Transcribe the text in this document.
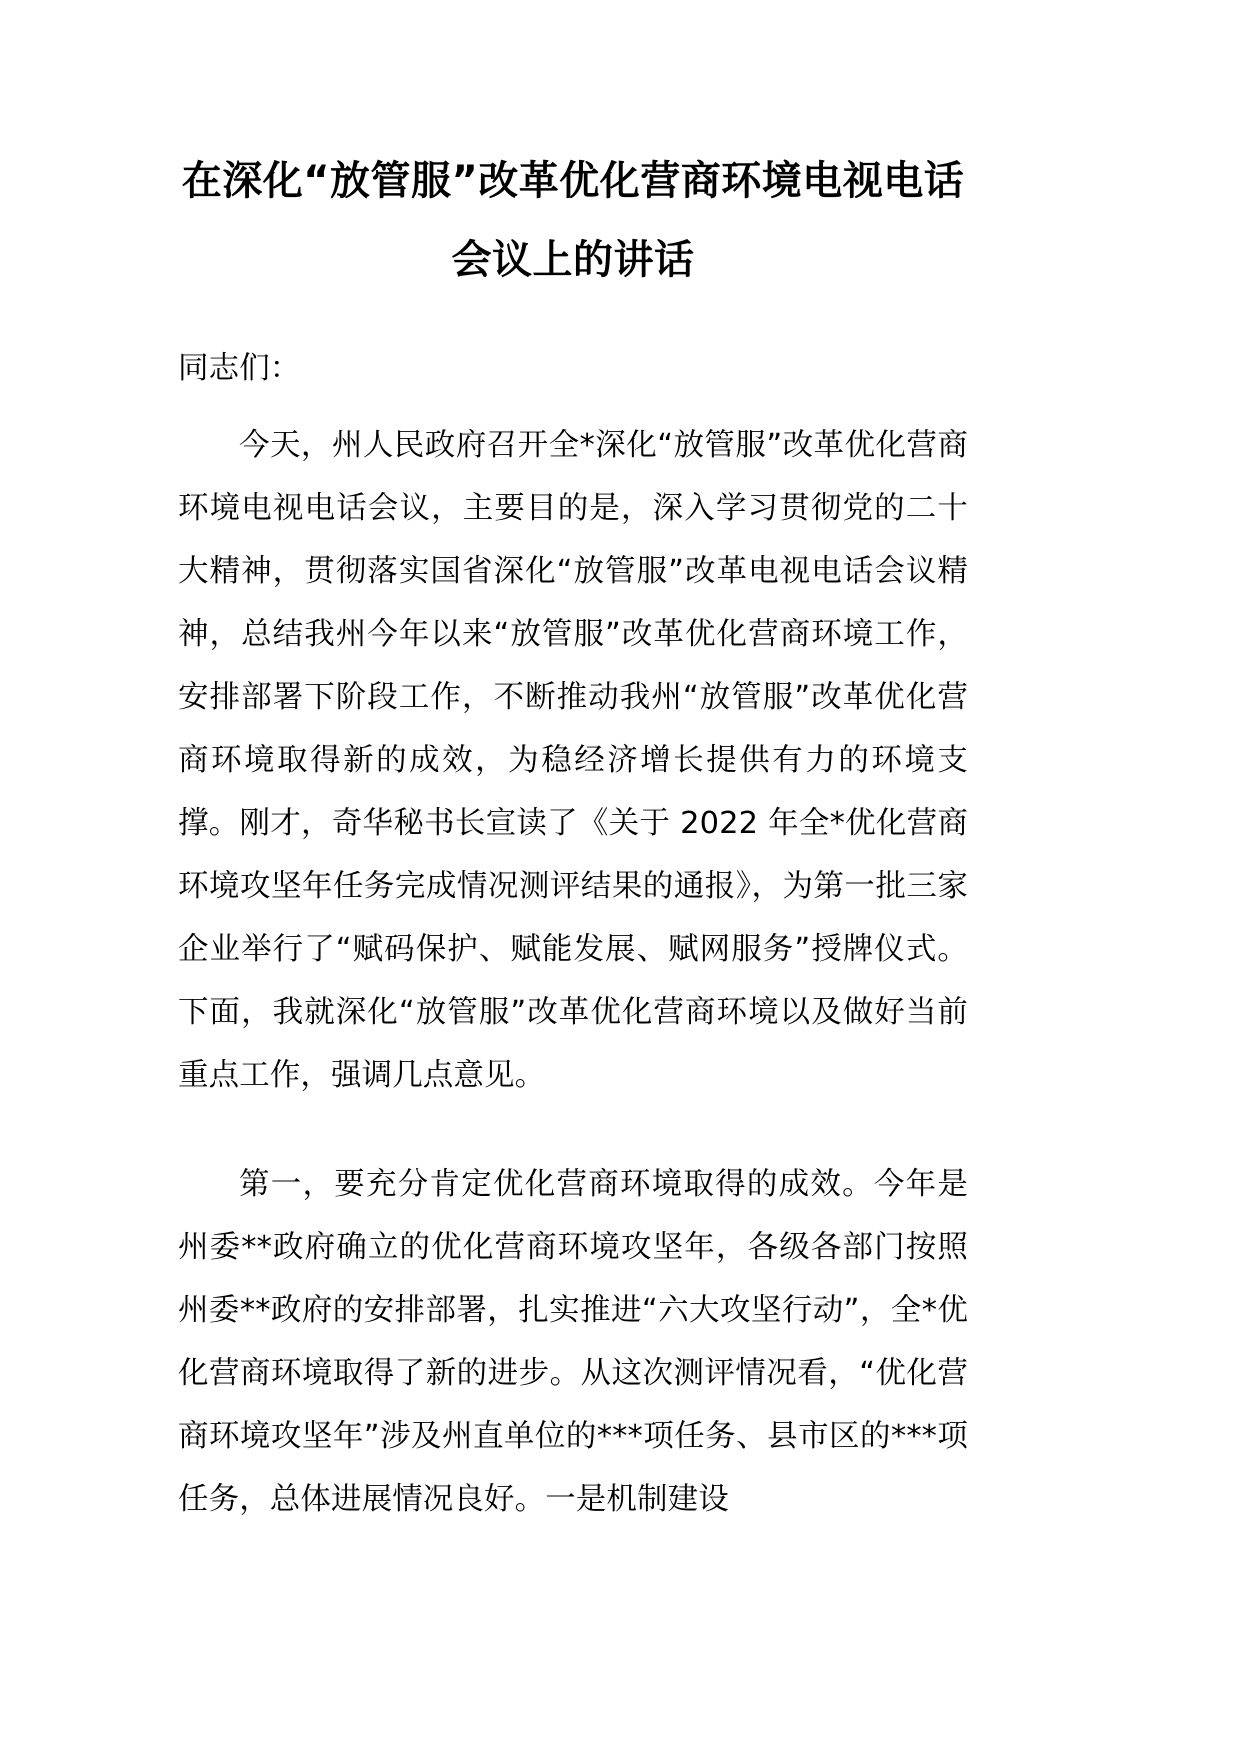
在深化“放管服”改革优化营商环境电视电话会议上的讲话

同志们：

今天，州人民政府召开全*深化“放管服”改革优化营商环境电视电话会议，主要目的是，深入学习贯彻党的二十大精神，贯彻落实国省深化“放管服”改革电视电话会议精神，总结我州今年以来“放管服”改革优化营商环境工作，安排部署下阶段工作，不断推动我州“放管服”改革优化营商环境取得新的成效，为稳经济增长提供有力的环境支撑。刚才，奇华秘书长宣读了《关于 2022 年全*优化营商环境攻坚年任务完成情况测评结果的通报》，为第一批三家企业举行了“赋码保护、赋能发展、赋网服务”授牌仪式。下面，我就深化“放管服”改革优化营商环境以及做好当前重点工作，强调几点意见。

第一，要充分肯定优化营商环境取得的成效。今年是州委**政府确立的优化营商环境攻坚年，各级各部门按照州委**政府的安排部署，扎实推进“六大攻坚行动”，全*优化营商环境取得了新的进步。从这次测评情况看，“优化营商环境攻坚年”涉及州直单位的***项任务、县市区的***项任务，总体进展情况良好。一是机制建设
